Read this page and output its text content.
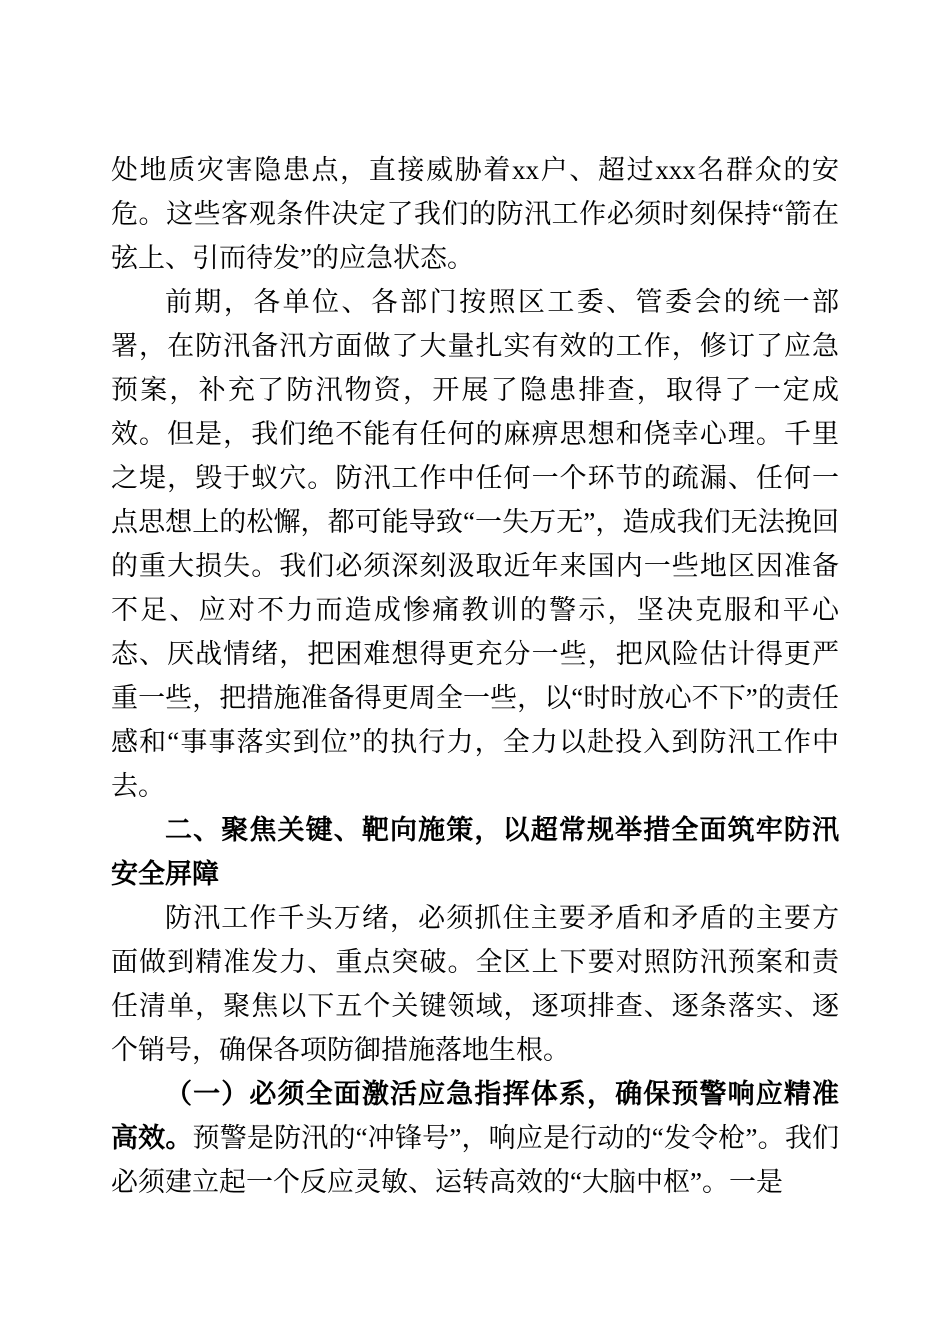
处地质灾害隐患点，直接威胁着xx户、超过xxx名群众的安危。这些客观条件决定了我们的防汛工作必须时刻保持“箭在弦上、引而待发”的应急状态。

前期，各单位、各部门按照区工委、管委会的统一部署，在防汛备汛方面做了大量扎实有效的工作，修订了应急预案，补充了防汛物资，开展了隐患排查，取得了一定成效。但是，我们绝不能有任何的麻痹思想和侥幸心理。千里之堤，毁于蚁穴。防汛工作中任何一个环节的疏漏、任何一点思想上的松懈，都可能导致“一失万无”，造成我们无法挽回的重大损失。我们必须深刻汲取近年来国内一些地区因准备不足、应对不力而造成惨痛教训的警示，坚决克服和平心态、厌战情绪，把困难想得更充分一些，把风险估计得更严重一些，把措施准备得更周全一些，以“时时放心不下”的责任感和“事事落实到位”的执行力，全力以赴投入到防汛工作中去。

二、聚焦关键、靶向施策，以超常规举措全面筑牢防汛安全屏障

防汛工作千头万绪，必须抓住主要矛盾和矛盾的主要方面做到精准发力、重点突破。全区上下要对照防汛预案和责任清单，聚焦以下五个关键领域，逐项排查、逐条落实、逐个销号，确保各项防御措施落地生根。

（一）必须全面激活应急指挥体系，确保预警响应精准高效。预警是防汛的“冲锋号”，响应是行动的“发令枪”。我们必须建立起一个反应灵敏、运转高效的“大脑中枢”。一是
